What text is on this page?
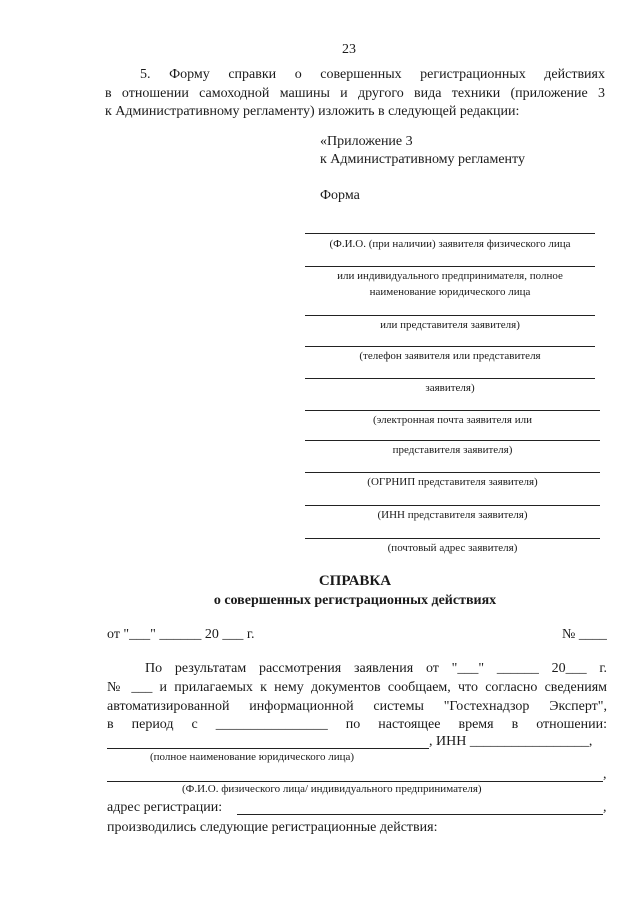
23
5. Форму справки о совершенных регистрационных действиях
в отношении самоходной машины и другого вида техники (приложение 3
к Административному регламенту) изложить в следующей редакции:
«Приложение 3
к Административному регламенту
Форма
(Ф.И.О. (при наличии) заявителя физического лица
или индивидуального предпринимателя, полное
наименование юридического лица
или представителя заявителя)
(телефон заявителя или представителя
заявителя)
(электронная почта заявителя или
представителя заявителя)
(ОГРНИП представителя заявителя)
(ИНН представителя заявителя)
(почтовый адрес заявителя)
СПРАВКА
о совершенных регистрационных действиях
от "___" ______ 20 ___ г.	№ ____
По результатам рассмотрения заявления от "___" ______ 20___ г.
№ ___ и прилагаемых к нему документов сообщаем, что согласно сведениям
автоматизированной информационной системы "Гостехнадзор Эксперт",
в период с ________________ по настоящее время в отношении:
, ИНН _________________,
(полное наименование юридического лица)
,
(Ф.И.О. физического лица/ индивидуального предпринимателя)
адрес регистрации:	,
производились следующие регистрационные действия:
